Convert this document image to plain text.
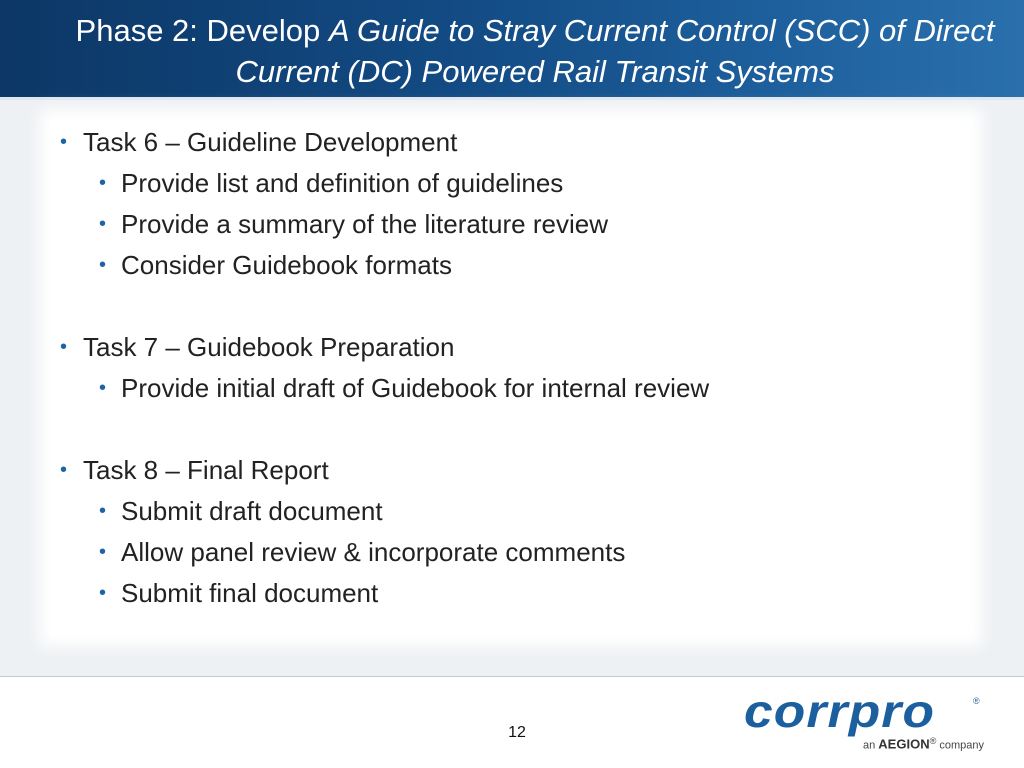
Phase 2: Develop A Guide to Stray Current Control (SCC) of Direct Current (DC) Powered Rail Transit Systems
• Task 6 – Guideline Development
• Provide list and definition of guidelines
• Provide a summary of the literature review
• Consider Guidebook formats
• Task 7 – Guidebook Preparation
• Provide initial draft of Guidebook for internal review
• Task 8 – Final Report
• Submit draft document
• Allow panel review & incorporate comments
• Submit final document
12	corrpro	®
an AEGION® company
